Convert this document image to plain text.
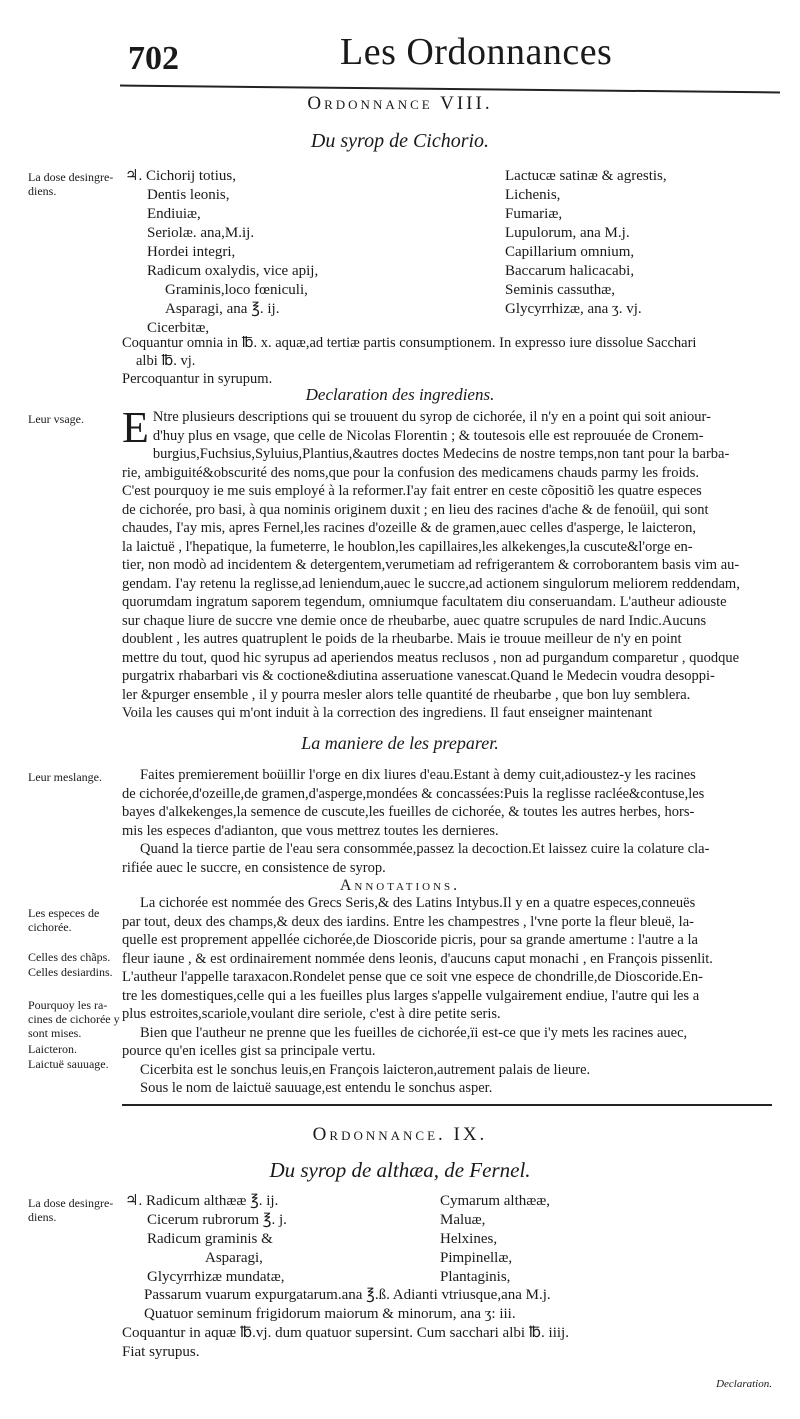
702	Les Ordonnances
Ordonnance VIII.
Du syrop de Cichorio.
La dose desingre-diens.
♃. Cichorij totius,
Dentis leonis,
Endiuiæ,
Seriolæ. ana,M.ij.
Hordei integri,
Radicum oxalydis, vice apij,
Graminis,loco fœniculi,
Asparagi, ana ℥. ij.
Cicerbitæ,
Lactucæ satinæ & agrestis,
Lichenis,
Fumariæ,
Lupulorum, ana M.j.
Capillarium omnium,
Baccarum halicacabi,
Seminis cassuthæ,
Glycyrrhizæ, ana ʒ. vj.
Coquantur omnia in ℔. x. aquæ,ad tertiæ partis consumptionem. In expresso iure dissolue Sacchari
albi ℔. vj.
Percoquantur in syrupum.
Declaration des ingrediens.
Leur vsage. E Ntre plusieurs descriptions qui se trouuent du syrop de cichorée, il n'y en a point qui soit aniour-
d'huy plus en vsage, que celle de Nicolas Florentin ; & toutesois elle est reprouuée de Cronem-
burgius,Fuchsius,Syluius,Plantius,&autres doctes Medecins de nostre temps,non tant pour la barba-
rie, ambiguité&obscurité des noms,que pour la confusion des medicamens chauds parmy les froids.
C'est pourquoy ie me suis employé à la reformer.I'ay fait entrer en ceste cõpositiõ les quatre especes
de cichorée, pro basi, à qua nominis originem duxit ; en lieu des racines d'ache & de fenoüil, qui sont
chaudes, I'ay mis, apres Fernel,les racines d'ozeille & de gramen,auec celles d'asperge, le laicteron,
la laictuë , l'hepatique, la fumeterre, le houblon,les capillaires,les alkekenges,la cuscute&l'orge en-
tier, non modò ad incidentem & detergentem,verumetiam ad refrigerantem & corroborantem basis vim au-
gendam. I'ay retenu la reglisse,ad leniendum,auec le succre,ad actionem singulorum meliorem reddendam,
quorumdam ingratum saporem tegendum, omniumque facultatem diu conseruandam. L'autheur adiouste
sur chaque liure de succre vne demie once de rheubarbe, auec quatre scrupules de nard Indic.Aucuns
doublent , les autres quatruplent le poids de la rheubarbe. Mais ie trouue meilleur de n'y en point
mettre du tout, quod hic syrupus ad aperiendos meatus reclusos , non ad purgandum comparetur , quodque
purgatrix rhabarbari vis & coctione&diutina asseruatione vanescat.Quand le Medecin voudra desoppi-
ler &purger ensemble , il y pourra mesler alors telle quantité de rheubarbe , que bon luy semblera.
Voila les causes qui m'ont induit à la correction des ingrediens. Il faut enseigner maintenant
La maniere de les preparer.
Leur meslange.	Faites premierement boüillir l'orge en dix liures d'eau.Estant à demy cuit,adioustez-y les racines
de cichorée,d'ozeille,de gramen,d'asperge,mondées & concassées:Puis la reglisse raclée&contuse,les
bayes d'alkekenges,la semence de cuscute,les fueilles de cichorée, & toutes les autres herbes, hors-
mis les especes d'adianton, que vous mettrez toutes les dernieres.
Quand la tierce partie de l'eau sera consommée,passez la decoction.Et laissez cuire la colature cla-
rifiée auec le succre, en consistence de syrop.
Annotations.
Les especes de cichorée.
Celles des chãps.
Celles desiardins.
Pourquoy les ra-cines de cichorée y sont mises.
Laicteron.
Laictuë sauuage.
La cichorée est nommée des Grecs Seris,& des Latins Intybus.Il y en a quatre especes,conneuës
par tout, deux des champs,& deux des iardins. Entre les champestres , l'vne porte la fleur bleuë, la-
quelle est proprement appellée cichorée,de Dioscoride picris, pour sa grande amertume : l'autre a la
fleur iaune , & est ordinairement nommée dens leonis, d'aucuns caput monachi , en François pissenlit.
L'autheur l'appelle taraxacon.Rondelet pense que ce soit vne espece de chondrille,de Dioscoride.En-
tre les domestiques,celle qui a les fueilles plus larges s'appelle vulgairement endiue, l'autre qui les a
plus estroites,scariole,voulant dire seriole, c'est à dire petite seris.
Bien que l'autheur ne prenne que les fueilles de cichorée,ïi est-ce que i'y mets les racines auec,
pource qu'en icelles gist sa principale vertu.
Cicerbita est le sonchus leuis,en François laicteron,autrement palais de lieure.
Sous le nom de laictuë sauuage,est entendu le sonchus asper.
Ordonnance. IX.
Du syrop de althæa, de Fernel.
La dose desingre-diens.
♃. Radicum althææ ℥. ij.
Cicerum rubrorum ℥. j.
Radicum graminis &
Asparagi,
Glycyrrhizæ mundatæ,
Cymarum althææ,
Maluæ,
Helxines,
Pimpinellæ,
Plantaginis,
Passarum vuarum expurgatarum.ana ℥.ß. Adianti vtriusque,ana M.j.
Quatuor seminum frigidorum maiorum & minorum, ana ʒ: iii.
Coquantur in aquæ ℔.vj. dum quatuor supersint. Cum sacchari albi ℔. iiij.
Fiat syrupus.
Declaration.
